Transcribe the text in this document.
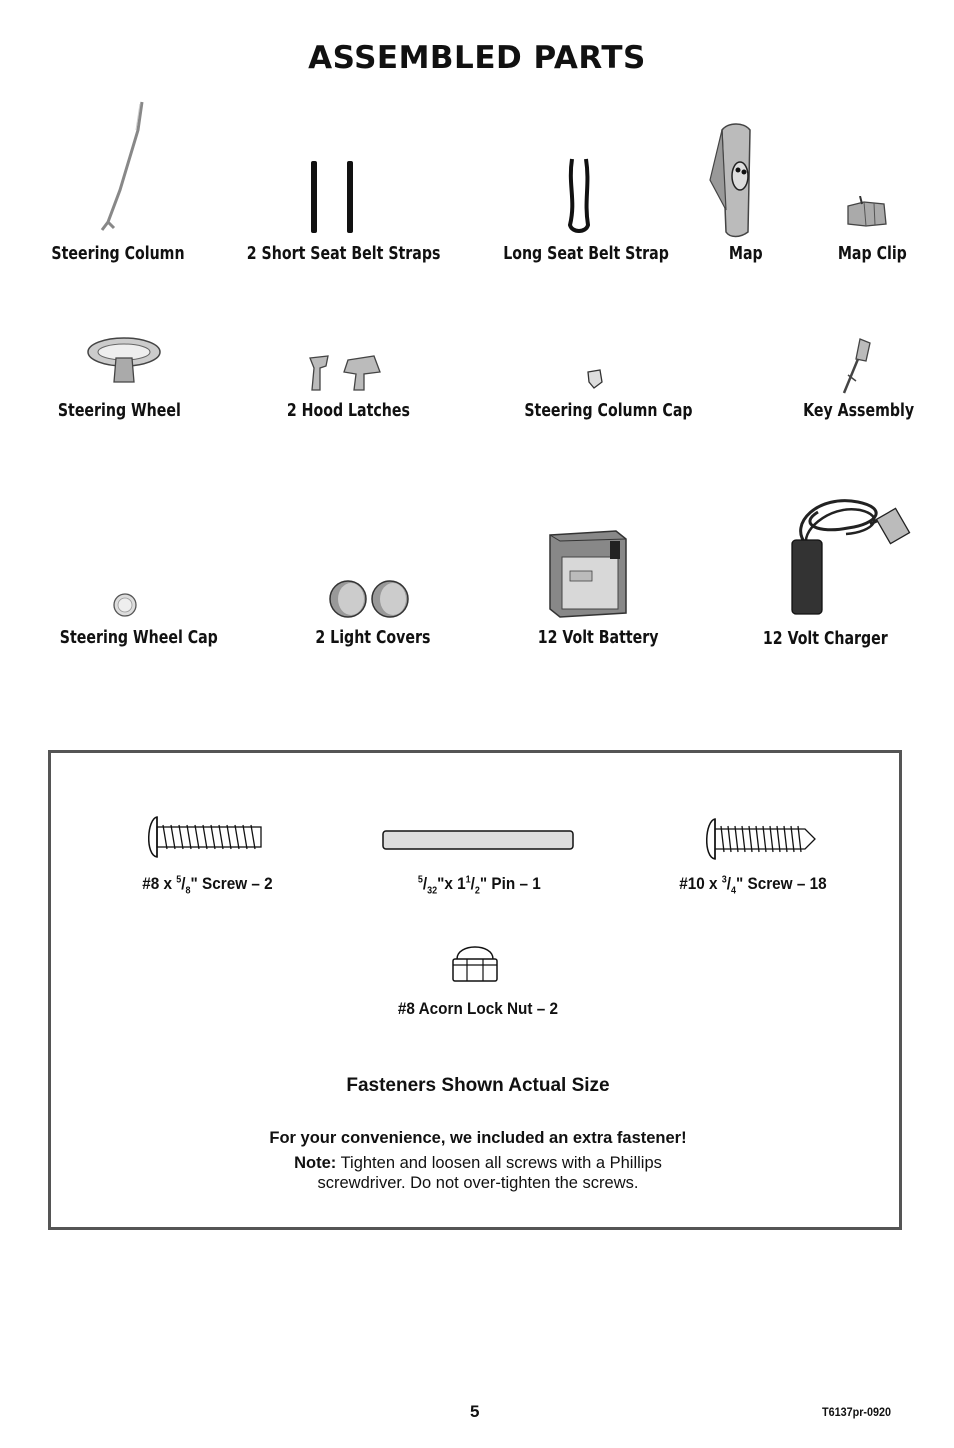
ASSEMBLED PARTS
Steering Column	2 Short Seat Belt Straps	Long Seat Belt Strap	Map	Map Clip
Steering Wheel	2 Hood Latches	Steering Column Cap	Key Assembly
Steering Wheel Cap	2 Light Covers	12 Volt Battery	12 Volt Charger
#8 x $^5/_8$" Screw – 2	$^5/_{32}"x$ $1^1/_2$" Pin – 1	#10 x $^3/_4$" Screw – 18
#8 Acorn Lock Nut – 2
Fasteners Shown Actual Size
For your convenience, we included an extra fastener!
Note: Tighten and loosen all screws with a Phillips
screwdriver. Do not over-tighten the screws.
5	T6137pr-0920
